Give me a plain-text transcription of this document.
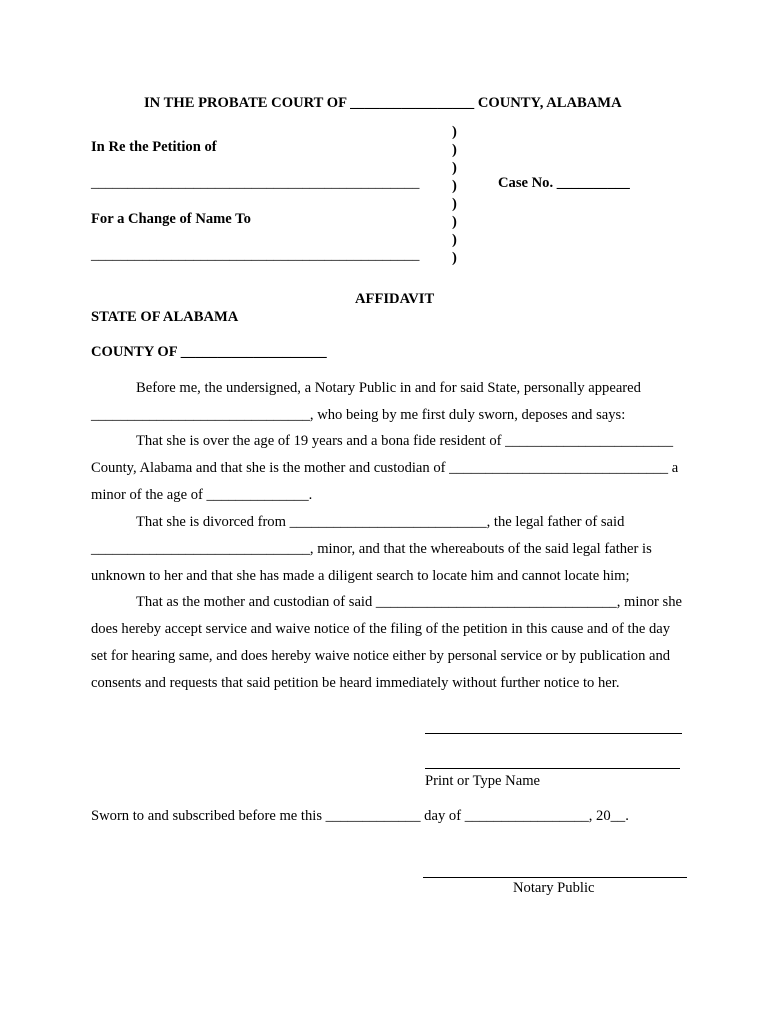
IN THE PROBATE COURT OF _________________ COUNTY, ALABAMA
In Re the Petition of
_____________________________________________
For a Change of Name To
_____________________________________________
)
)
)
)
)
)
)
)
Case No. __________
AFFIDAVIT
STATE OF ALABAMA
COUNTY OF ____________________
Before me, the undersigned, a Notary Public in and for said State, personally appeared
______________________________, who being by me first duly sworn, deposes and says:
That she is over the age of 19 years and a bona fide resident of _______________________
County, Alabama and that she is the mother and custodian of ______________________________ a
minor of the age of ______________.
That she is divorced from ___________________________, the legal father of said
______________________________, minor, and that the whereabouts of the said legal father is
unknown to her and that she has made a diligent search to locate him and cannot locate him;
That as the mother and custodian of said _________________________________, minor she
does hereby accept service and waive notice of the filing of the petition in this cause and of the day
set for hearing same, and does hereby waive notice either by personal service or by publication and
consents and requests that said petition be heard immediately without further notice to her.
Print or Type Name
Sworn to and subscribed before me this _____________ day of _________________, 20__.
Notary Public
